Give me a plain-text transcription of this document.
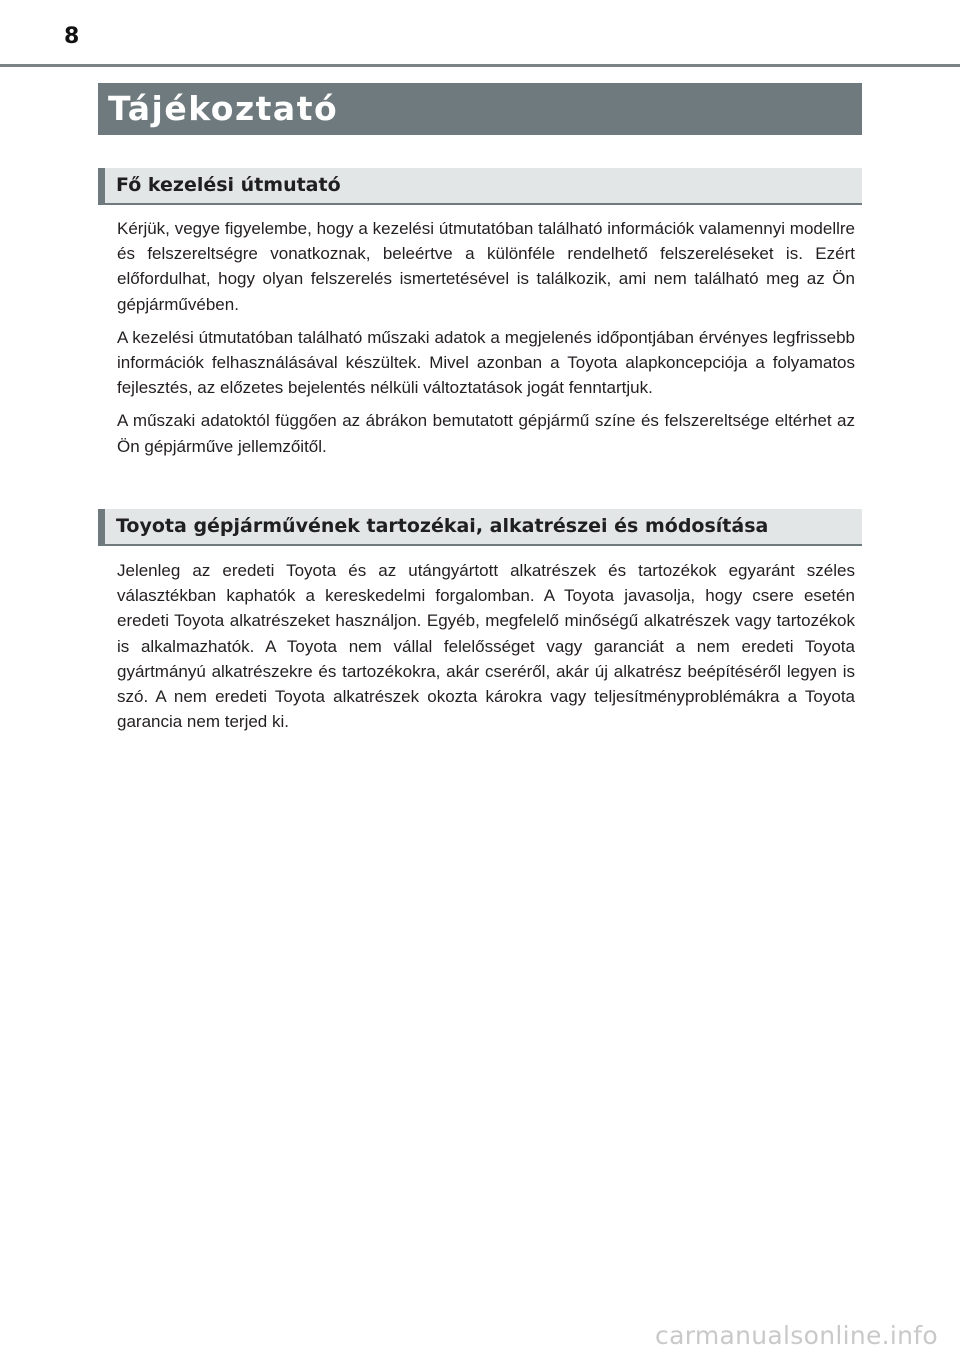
8
Tájékoztató
Fő kezelési útmutató

Kérjük, vegye figyelembe, hogy a kezelési útmutatóban található információk valamennyi modellre és felszereltségre vonatkoznak, beleértve a különféle rendelhető felszereléseket is. Ezért előfordulhat, hogy olyan felszerelés ismertetésével is találkozik, ami nem található meg az Ön gépjárművében.

A kezelési útmutatóban található műszaki adatok a megjelenés időpontjában érvényes legfrissebb információk felhasználásával készültek. Mivel azonban a Toyota alapkoncepciója a folyamatos fejlesztés, az előzetes bejelentés nélküli változtatások jogát fenntartjuk.

A műszaki adatoktól függően az ábrákon bemutatott gépjármű színe és felszereltsége eltérhet az Ön gépjárműve jellemzőitől.

Toyota gépjárművének tartozékai, alkatrészei és módosítása

Jelenleg az eredeti Toyota és az utángyártott alkatrészek és tartozékok egyaránt széles választékban kaphatók a kereskedelmi forgalomban. A Toyota javasolja, hogy csere esetén eredeti Toyota alkatrészeket használjon. Egyéb, megfelelő minőségű alkatrészek vagy tartozékok is alkalmazhatók. A Toyota nem vállal felelősséget vagy garanciát a nem eredeti Toyota gyártmányú alkatrészekre és tartozékokra, akár cseréről, akár új alkatrész beépítéséről legyen is szó. A nem eredeti Toyota alkatrészek okozta károkra vagy teljesítményproblémákra a Toyota garancia nem terjed ki.

carmanualsonline.info
